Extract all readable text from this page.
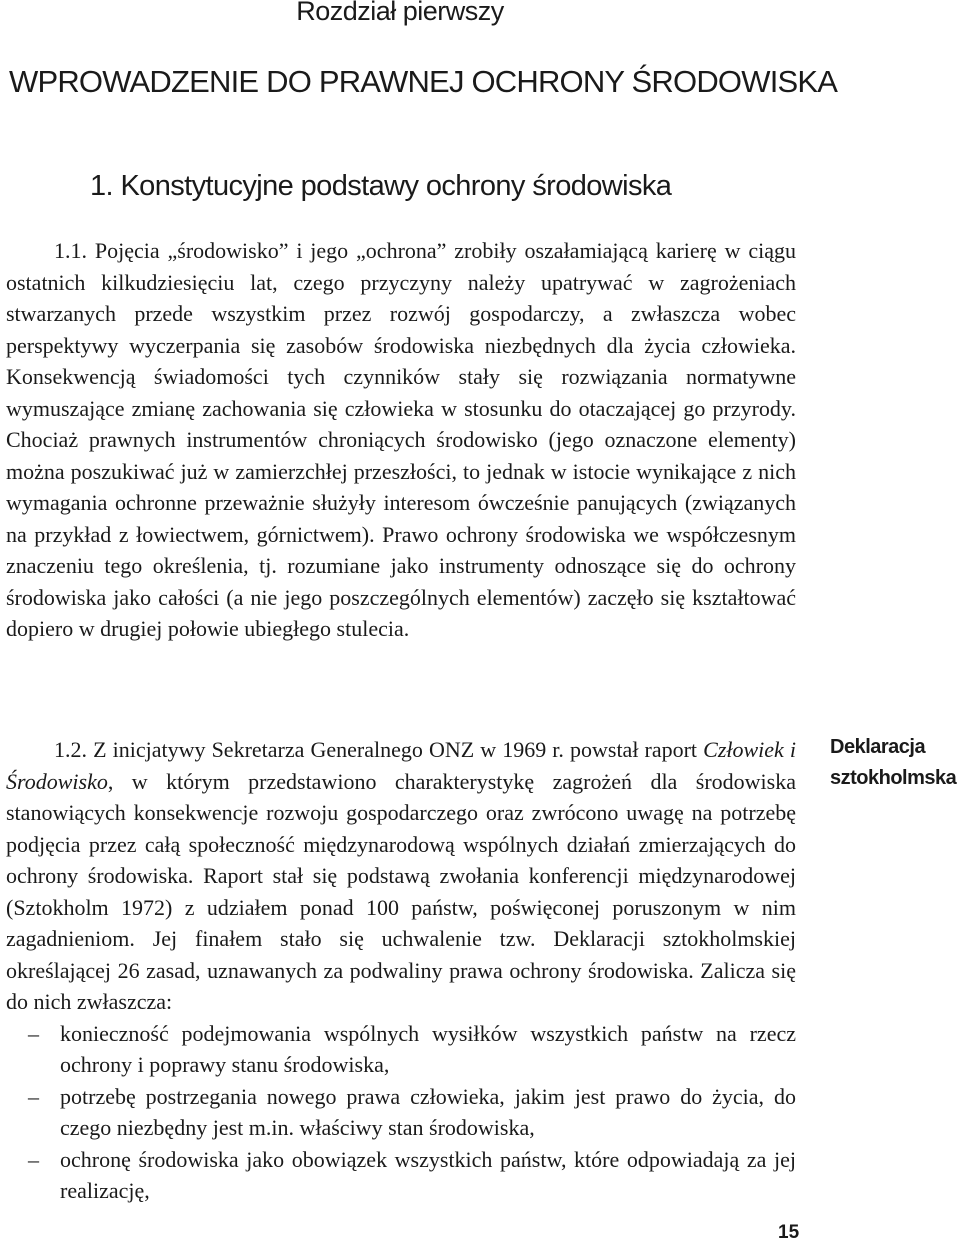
Rozdział pierwszy
WPROWADZENIE DO PRAWNEJ OCHRONY ŚRODOWISKA
1. Konstytucyjne podstawy ochrony środowiska
1.1. Pojęcia „środowisko” i jego „ochrona” zrobiły oszałamiającą karierę w ciągu ostatnich kilkudziesięciu lat, czego przyczyny należy upatrywać w zagrożeniach stwarzanych przede wszystkim przez rozwój gospodarczy, a zwłaszcza wobec perspektywy wyczerpania się zasobów środowiska niezbędnych dla życia człowieka. Konsekwencją świadomości tych czynników stały się rozwiązania normatywne wymuszające zmianę zachowania się człowieka w stosunku do otaczającej go przyrody. Chociaż prawnych instrumentów chroniących środowisko (jego oznaczone elementy) można poszukiwać już w zamierzchłej przeszłości, to jednak w istocie wynikające z nich wymagania ochronne przeważnie służyły interesom ówcześnie panujących (związanych na przykład z łowiectwem, górnictwem). Prawo ochrony środowiska we współczesnym znaczeniu tego określenia, tj. rozumiane jako instrumenty odnoszące się do ochrony środowiska jako całości (a nie jego poszczególnych elementów) zaczęło się kształtować dopiero w drugiej połowie ubiegłego stulecia.
1.2. Z inicjatywy Sekretarza Generalnego ONZ w 1969 r. powstał raport Człowiek i Środowisko, w którym przedstawiono charakterystykę zagrożeń dla środowiska stanowiących konsekwencje rozwoju gospodarczego oraz zwrócono uwagę na potrzebę podjęcia przez całą społeczność międzynarodową wspólnych działań zmierzających do ochrony środowiska. Raport stał się podstawą zwołania konferencji międzynarodowej (Sztokholm 1972) z udziałem ponad 100 państw, poświęconej poruszonym w nim zagadnieniom. Jej finałem stało się uchwalenie tzw. Deklaracji sztokholmskiej określającej 26 zasad, uznawanych za podwaliny prawa ochrony środowiska. Zalicza się do nich zwłaszcza:
– konieczność podejmowania wspólnych wysiłków wszystkich państw na rzecz ochrony i poprawy stanu środowiska,
– potrzebę postrzegania nowego prawa człowieka, jakim jest prawo do życia, do czego niezbędny jest m.in. właściwy stan środowiska,
– ochronę środowiska jako obowiązek wszystkich państw, które odpowiadają za jej realizację,
Deklaracja
sztokholmska
15
